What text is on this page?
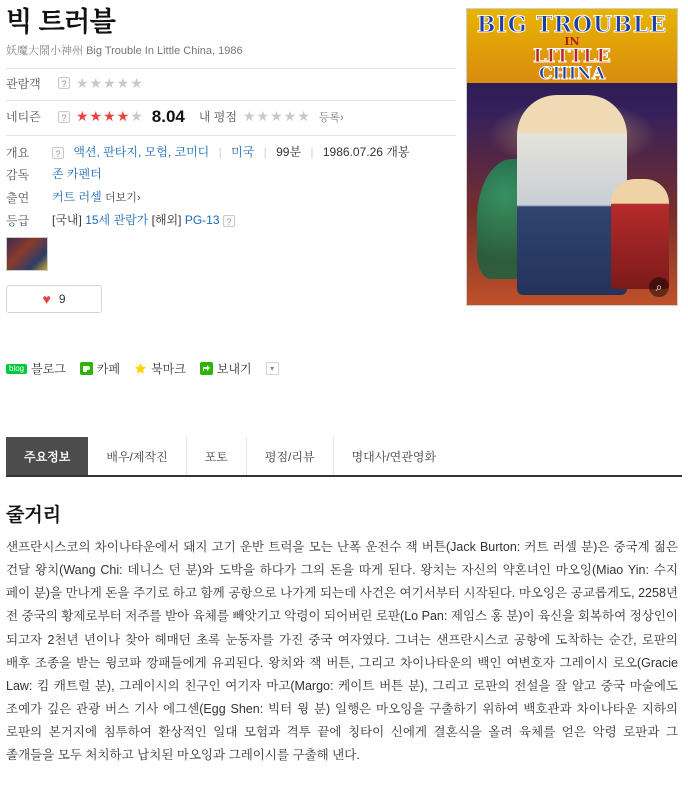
빅 트러블
妖魔大鬧小神州 Big Trouble In Little China, 1986
관람객	? ★★★★★
네티즌	? ★★★★★ 8.04 내 평점 ★★★★★ 등록›
개요	? 액션, 판타지, 모험, 코미디 | 미국 | 99분 | 1986.07.26 개봉
감독	존 카펜터
출연	커트 러셀 더보기›
등급	[국내] 15세 관람가 [해외] PG-13 ?
♥ 9
blog 블로그	카페	북마크	보내기	▾
BIG TROUBLE
IN
LITTLE
CHINA
⌕
주요정보	배우/제작진	포토	평점/리뷰	명대사/연관영화
줄거리
샌프란시스코의 차이나타운에서 돼지 고기 운반 트럭을 모는 난폭 운전수 잭 버튼(Jack Burton: 커트 러셀 분)은 중국계 젊은 건달 왕치(Wang Chi: 데니스 던 분)와 도박을 하다가 그의 돈을 따게 된다. 왕치는 자신의 약혼녀인 마오잉(Miao Yin: 수지 페이 분)을 만나게 돈을 주기로 하고 함께 공항으로 나가게 되는데 사건은 여기서부터 시작된다. 마오잉은 공교롭게도, 2258년 전 중국의 황제로부터 저주를 받아 육체를 빼앗기고 악령이 되어버린 로판(Lo Pan: 제임스 홍 분)이 육신을 회복하여 정상인이 되고자 2천년 년이나 찾아 헤매던 초록 눈동자를 가진 중국 여자였다. 그녀는 샌프란시스코 공항에 도착하는 순간, 로판의 배후 조종을 받는 윙코파 깡패들에게 유괴된다. 왕치와 잭 버튼, 그리고 차이나타운의 백인 여변호자 그레이시 로오(Gracie Law: 킴 캐트럴 분), 그레이시의 친구인 여기자 마고(Margo: 케이트 버튼 분), 그리고 로판의 전설을 잘 알고 중국 마술에도 조예가 깊은 관광 버스 기사 에그센(Egg Shen: 빅터 윙 분) 일행은 마오잉을 구출하기 위하여 백호관과 차이나타운 지하의 로판의 본거지에 침투하여 환상적인 일대 모험과 격투 끝에 칭타이 신에게 결혼식을 올려 육체를 얻은 악령 로판과 그 졸개들을 모두 처치하고 납치된 마오잉과 그레이시를 구출해 낸다.
